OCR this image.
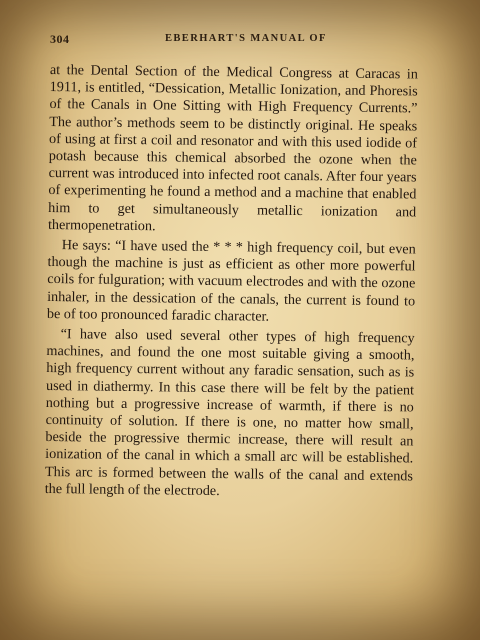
304	EBERHART'S MANUAL OF

at the Dental Section of the Medical Congress at Caracas in 1911, is entitled, “Dessication, Metallic Ionization, and Phoresis of the Canals in One Sitting with High Frequency Currents.” The author’s methods seem to be distinctly original. He speaks of using at first a coil and resonator and with this used iodide of potash because this chemical absorbed the ozone when the current was introduced into infected root canals. After four years of experimenting he found a method and a machine that enabled him to get simultaneously metallic ionization and thermopenetration.

He says: “I have used the * * * high frequency coil, but even though the machine is just as efficient as other more powerful coils for fulguration; with vacuum electrodes and with the ozone inhaler, in the dessication of the canals, the current is found to be of too pronounced faradic character.

“I have also used several other types of high frequency machines, and found the one most suitable giving a smooth, high frequency current without any faradic sensation, such as is used in diathermy. In this case there will be felt by the patient nothing but a progressive increase of warmth, if there is no continuity of solution. If there is one, no matter how small, beside the progressive thermic increase, there will result an ionization of the canal in which a small arc will be established. This arc is formed between the walls of the canal and extends the full length of the electrode.
